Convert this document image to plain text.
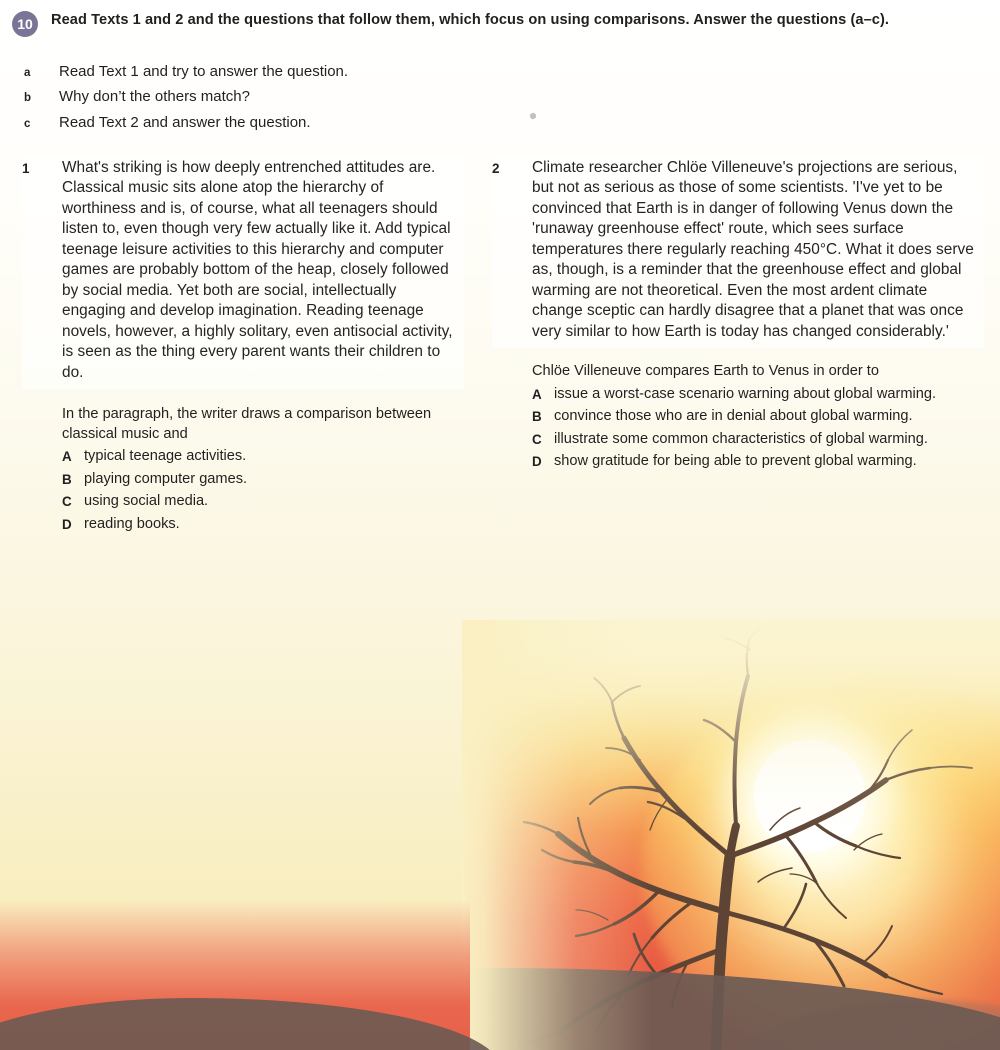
10	Read Texts 1 and 2 and the questions that follow them, which focus on using comparisons. Answer the questions (a–c).
a	Read Text 1 and try to answer the question.
b	Why don’t the others match?
c	Read Text 2 and answer the question.
1	What's striking is how deeply entrenched attitudes are. Classical music sits alone atop the hierarchy of worthiness and is, of course, what all teenagers should listen to, even though very few actually like it. Add typical teenage leisure activities to this hierarchy and computer games are probably bottom of the heap, closely followed by social media. Yet both are social, intellectually engaging and develop imagination. Reading teenage novels, however, a highly solitary, even antisocial activity, is seen as the thing every parent wants their children to do.
In the paragraph, the writer draws a comparison between classical music and
A typical teenage activities.
B playing computer games.
C using social media.
D reading books.
2	Climate researcher Chlöe Villeneuve's projections are serious, but not as serious as those of some scientists. 'I've yet to be convinced that Earth is in danger of following Venus down the 'runaway greenhouse effect' route, which sees surface temperatures there regularly reaching 450°C. What it does serve as, though, is a reminder that the greenhouse effect and global warming are not theoretical. Even the most ardent climate change sceptic can hardly disagree that a planet that was once very similar to how Earth is today has changed considerably.'
Chlöe Villeneuve compares Earth to Venus in order to
A issue a worst-case scenario warning about global warming.
B convince those who are in denial about global warming.
C illustrate some common characteristics of global warming.
D show gratitude for being able to prevent global warming.
